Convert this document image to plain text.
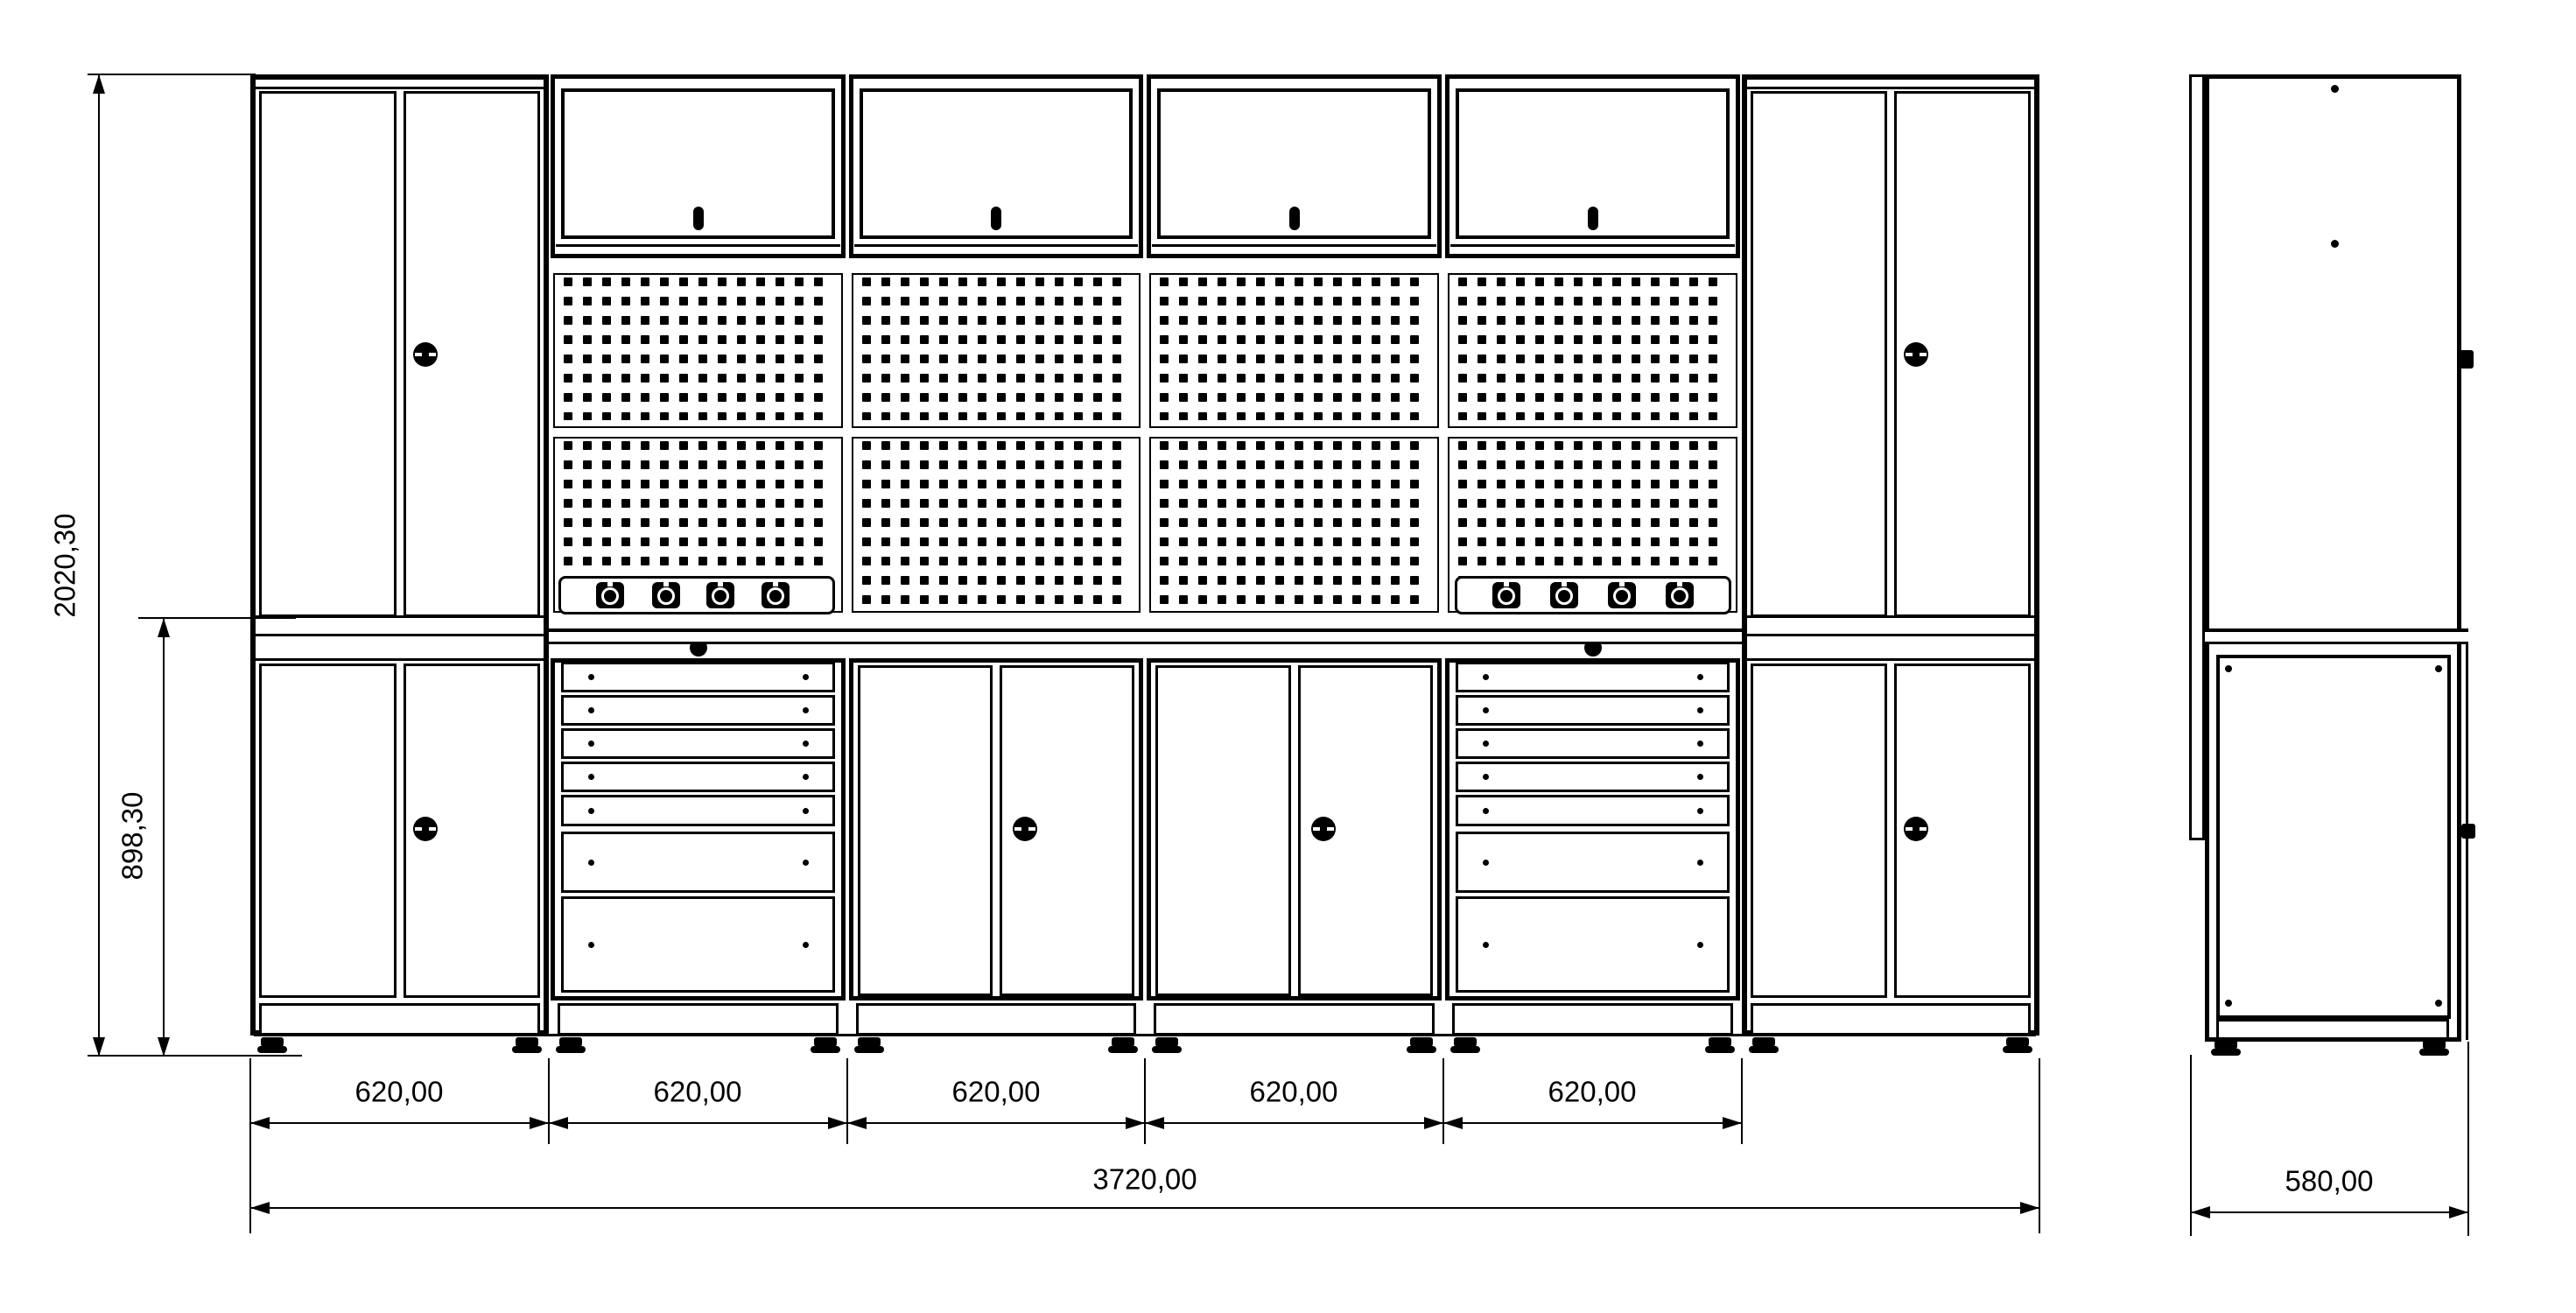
2020,30
898,30
620,00	620,00	620,00	620,00	620,00
3720,00	580,00
